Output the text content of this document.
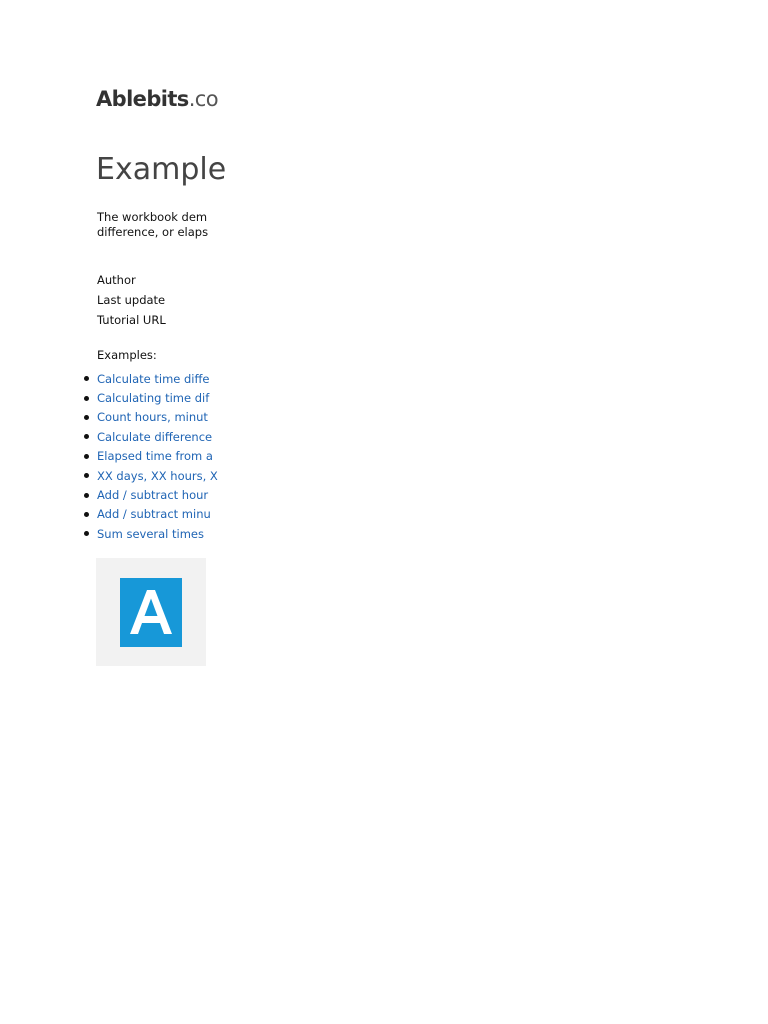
Ablebits.co
Example
The workbook dem
difference, or elaps
Author
Last update
Tutorial URL
Examples:
Calculate time diffe
Calculating time dif
Count hours, minut
Calculate difference
Elapsed time from a
XX days, XX hours, X
Add / subtract hour
Add / subtract minu
Sum several times
